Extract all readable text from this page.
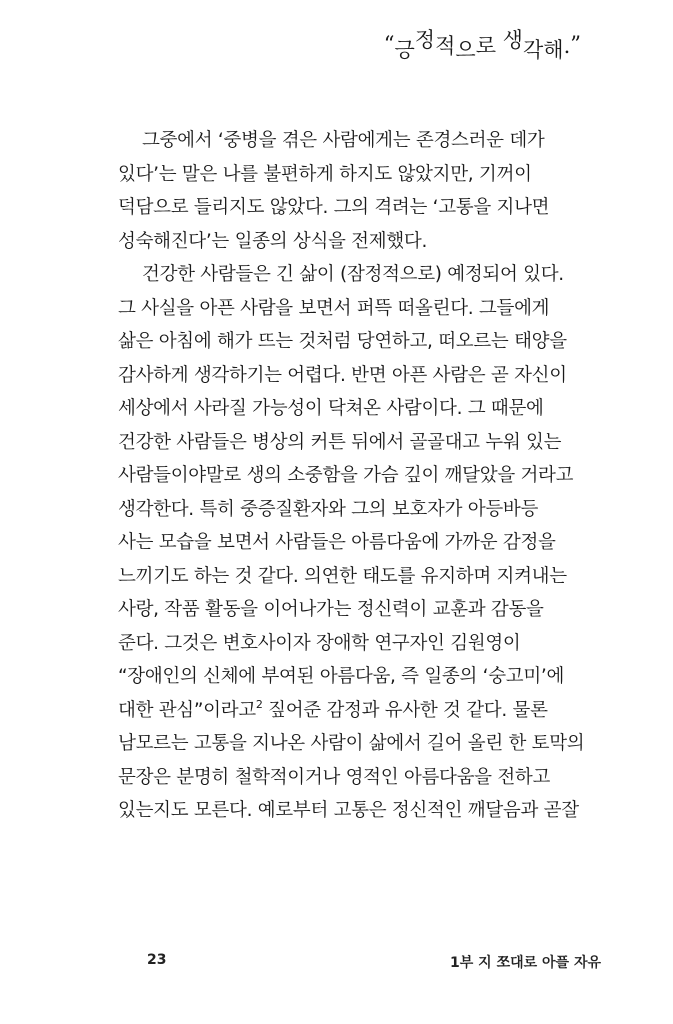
“긍정적으로 생각해.”
그중에서 ‘중병을 겪은 사람에게는 존경스러운 데가
있다’는 말은 나를 불편하게 하지도 않았지만, 기꺼이
덕담으로 들리지도 않았다. 그의 격려는 ‘고통을 지나면
성숙해진다’는 일종의 상식을 전제했다.
건강한 사람들은 긴 삶이 (잠정적으로) 예정되어 있다.
그 사실을 아픈 사람을 보면서 퍼뜩 떠올린다. 그들에게
삶은 아침에 해가 뜨는 것처럼 당연하고, 떠오르는 태양을
감사하게 생각하기는 어렵다. 반면 아픈 사람은 곧 자신이
세상에서 사라질 가능성이 닥쳐온 사람이다. 그 때문에
건강한 사람들은 병상의 커튼 뒤에서 골골대고 누워 있는
사람들이야말로 생의 소중함을 가슴 깊이 깨달았을 거라고
생각한다. 특히 중증질환자와 그의 보호자가 아등바등
사는 모습을 보면서 사람들은 아름다움에 가까운 감정을
느끼기도 하는 것 같다. 의연한 태도를 유지하며 지켜내는
사랑, 작품 활동을 이어나가는 정신력이 교훈과 감동을
준다. 그것은 변호사이자 장애학 연구자인 김원영이
“장애인의 신체에 부여된 아름다움, 즉 일종의 ‘숭고미’에
대한 관심”이라고$^2$ 짚어준 감정과 유사한 것 같다. 물론
남모르는 고통을 지나온 사람이 삶에서 길어 올린 한 토막의
문장은 분명히 철학적이거나 영적인 아름다움을 전하고
있는지도 모른다. 예로부터 고통은 정신적인 깨달음과 곧잘
23	1부 지 쪼대로 아플 자유
